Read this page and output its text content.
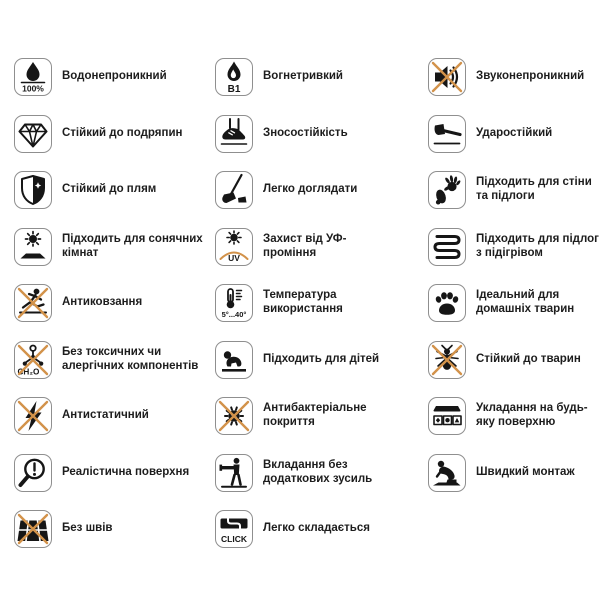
100%
Водонепроникний
Стійкий до подряпин
Стійкий до плям
Підходить для сонячних кімнат
Антиковзання
CH₂O
Без токсичних чи алергічних компонентів
Антистатичний
Реалістична поверхня
Без швів
B1
Вогнетривкий
Зносостійкість
Легко доглядати
UV
Захист від УФ-проміння
5°...40°
Температура використання
Підходить для дітей
Антибактеріальне покриття
Вкладання без додаткових зусиль
CLICK
Легко складається
Звуконепроникний
Ударостійкий
Підходить для стіни та підлоги
Підходить для підлог з підігрівом
Ідеальний для домашніх тварин
Стійкий до тварин
Укладання на будь-яку поверхню
Швидкий монтаж
